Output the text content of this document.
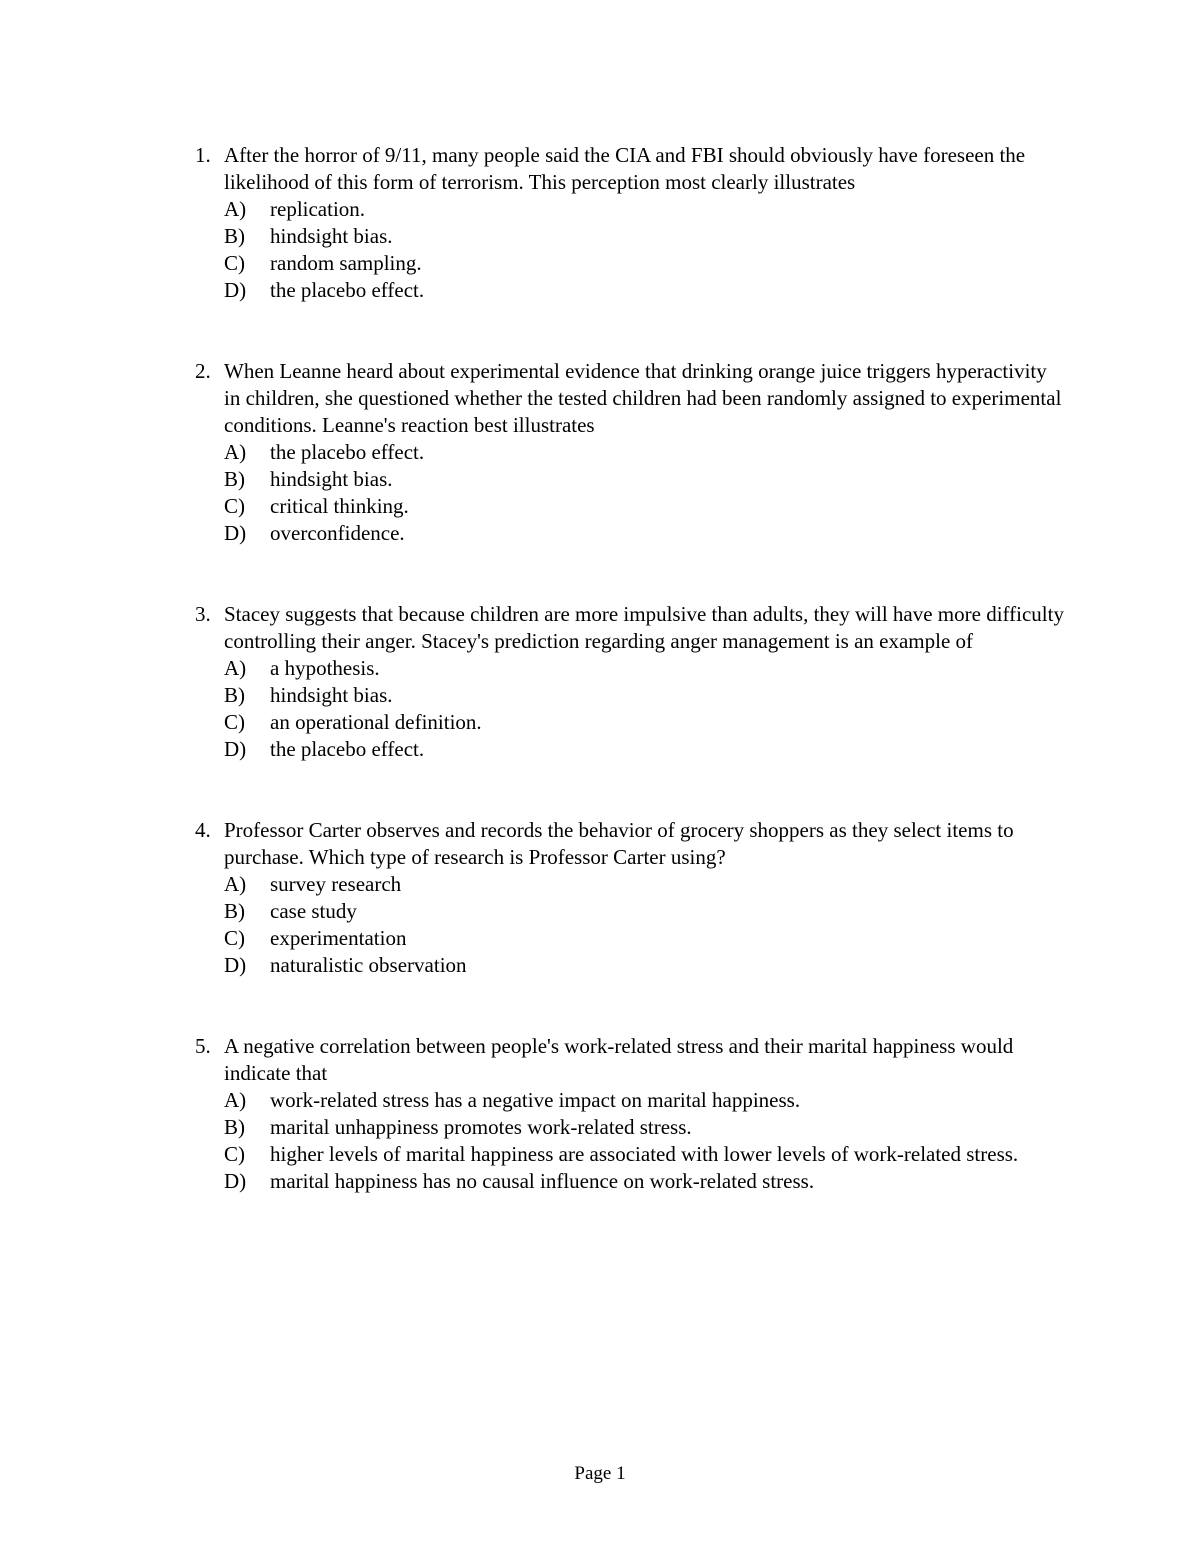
1. After the horror of 9/11, many people said the CIA and FBI should obviously have foreseen the likelihood of this form of terrorism. This perception most clearly illustrates
A)	replication.
B)	hindsight bias.
C)	random sampling.
D)	the placebo effect.
2. When Leanne heard about experimental evidence that drinking orange juice triggers hyperactivity in children, she questioned whether the tested children had been randomly assigned to experimental conditions. Leanne's reaction best illustrates
A)	the placebo effect.
B)	hindsight bias.
C)	critical thinking.
D)	overconfidence.
3. Stacey suggests that because children are more impulsive than adults, they will have more difficulty controlling their anger. Stacey's prediction regarding anger management is an example of
A)	a hypothesis.
B)	hindsight bias.
C)	an operational definition.
D)	the placebo effect.
4. Professor Carter observes and records the behavior of grocery shoppers as they select items to purchase. Which type of research is Professor Carter using?
A)	survey research
B)	case study
C)	experimentation
D)	naturalistic observation
5. A negative correlation between people's work-related stress and their marital happiness would indicate that
A)	work-related stress has a negative impact on marital happiness.
B)	marital unhappiness promotes work-related stress.
C)	higher levels of marital happiness are associated with lower levels of work-related stress.
D)	marital happiness has no causal influence on work-related stress.
Page 1
